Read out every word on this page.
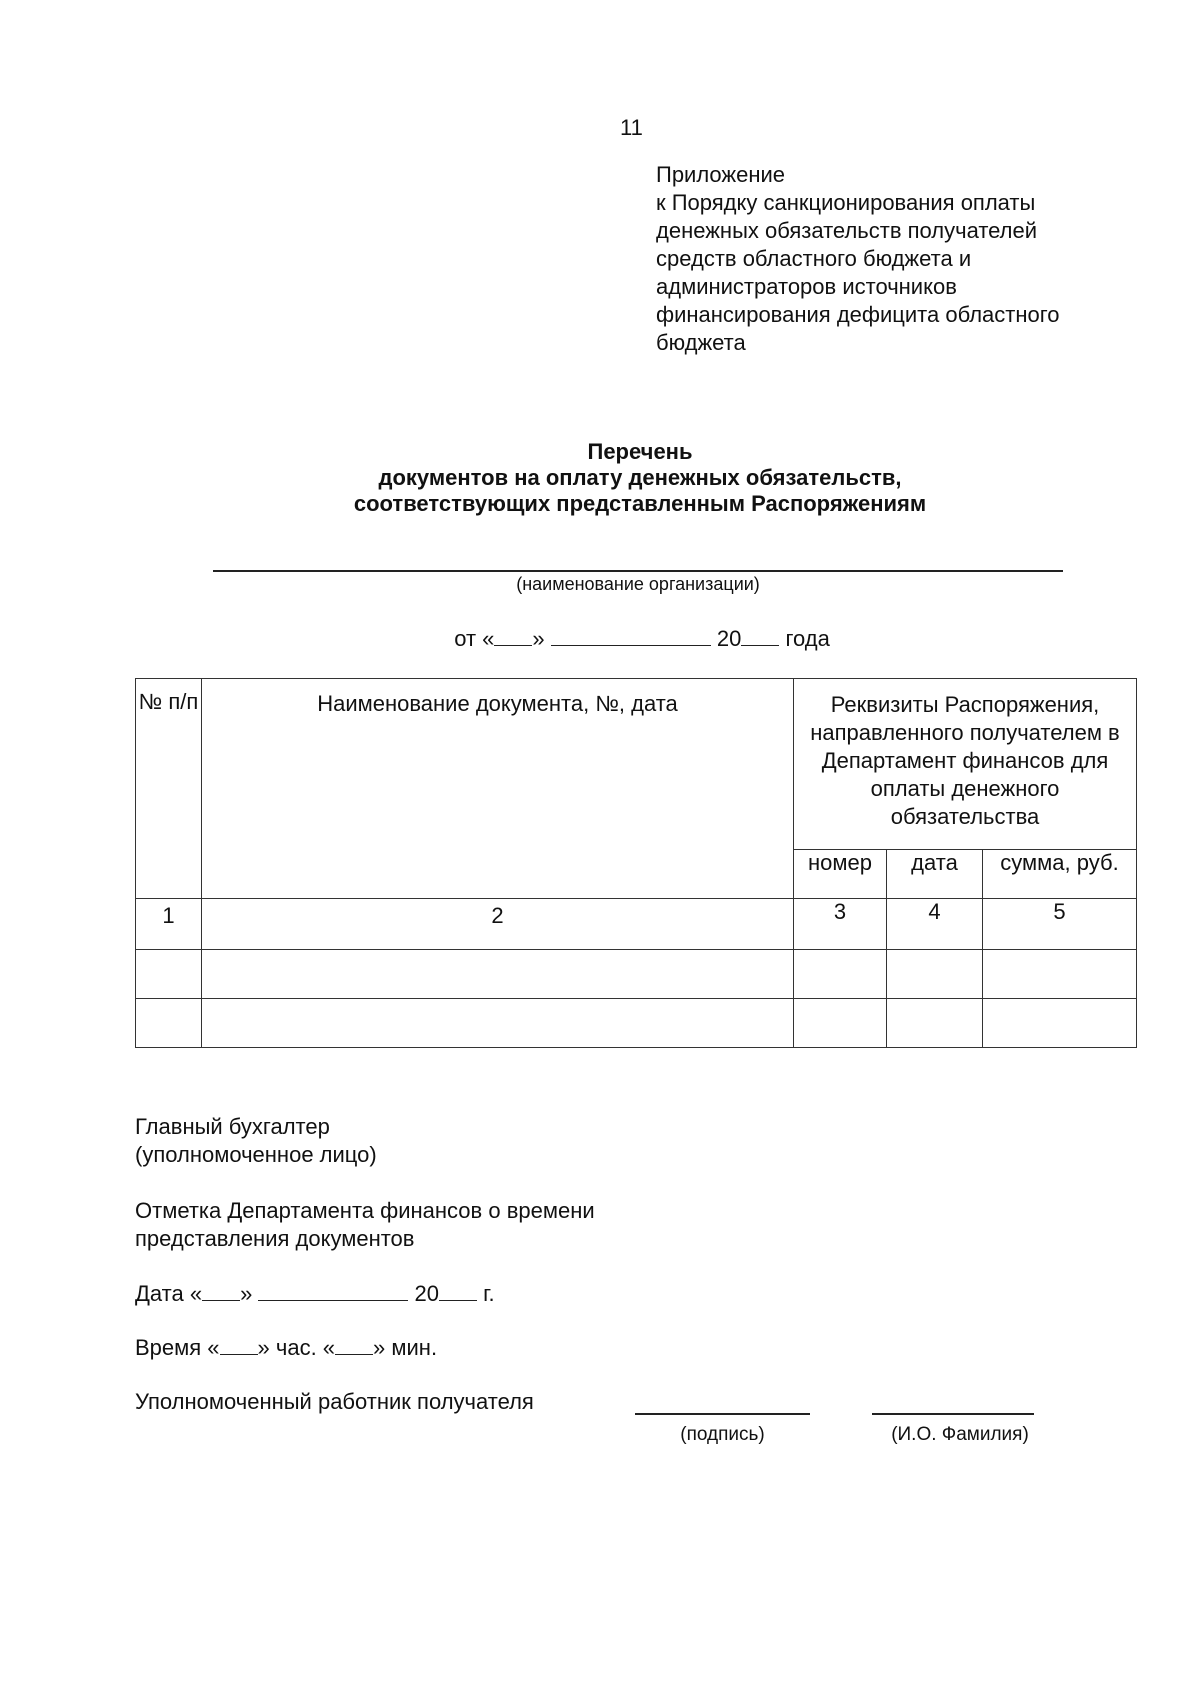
11
Приложение
к Порядку санкционирования оплаты
денежных обязательств получателей
средств областного бюджета и
администраторов источников
финансирования дефицита областного
бюджета
Перечень
документов на оплату денежных обязательств,
соответствующих представленным Распоряжениям
(наименование организации)
от « »	20 года
№ п/п	Наименование документа, №, дата	Реквизиты Распоряжения, направленного получателем в Департамент финансов для оплаты денежного обязательства		
		номер	дата	сумма, руб.
1	2	3	4	5

Главный бухгалтер
(уполномоченное лицо)
Отметка Департамента финансов о времени
представления документов
Дата « »	20 г.
Время « » час. « » мин.
Уполномоченный работник получателя
(подпись)	(И.О. Фамилия)
